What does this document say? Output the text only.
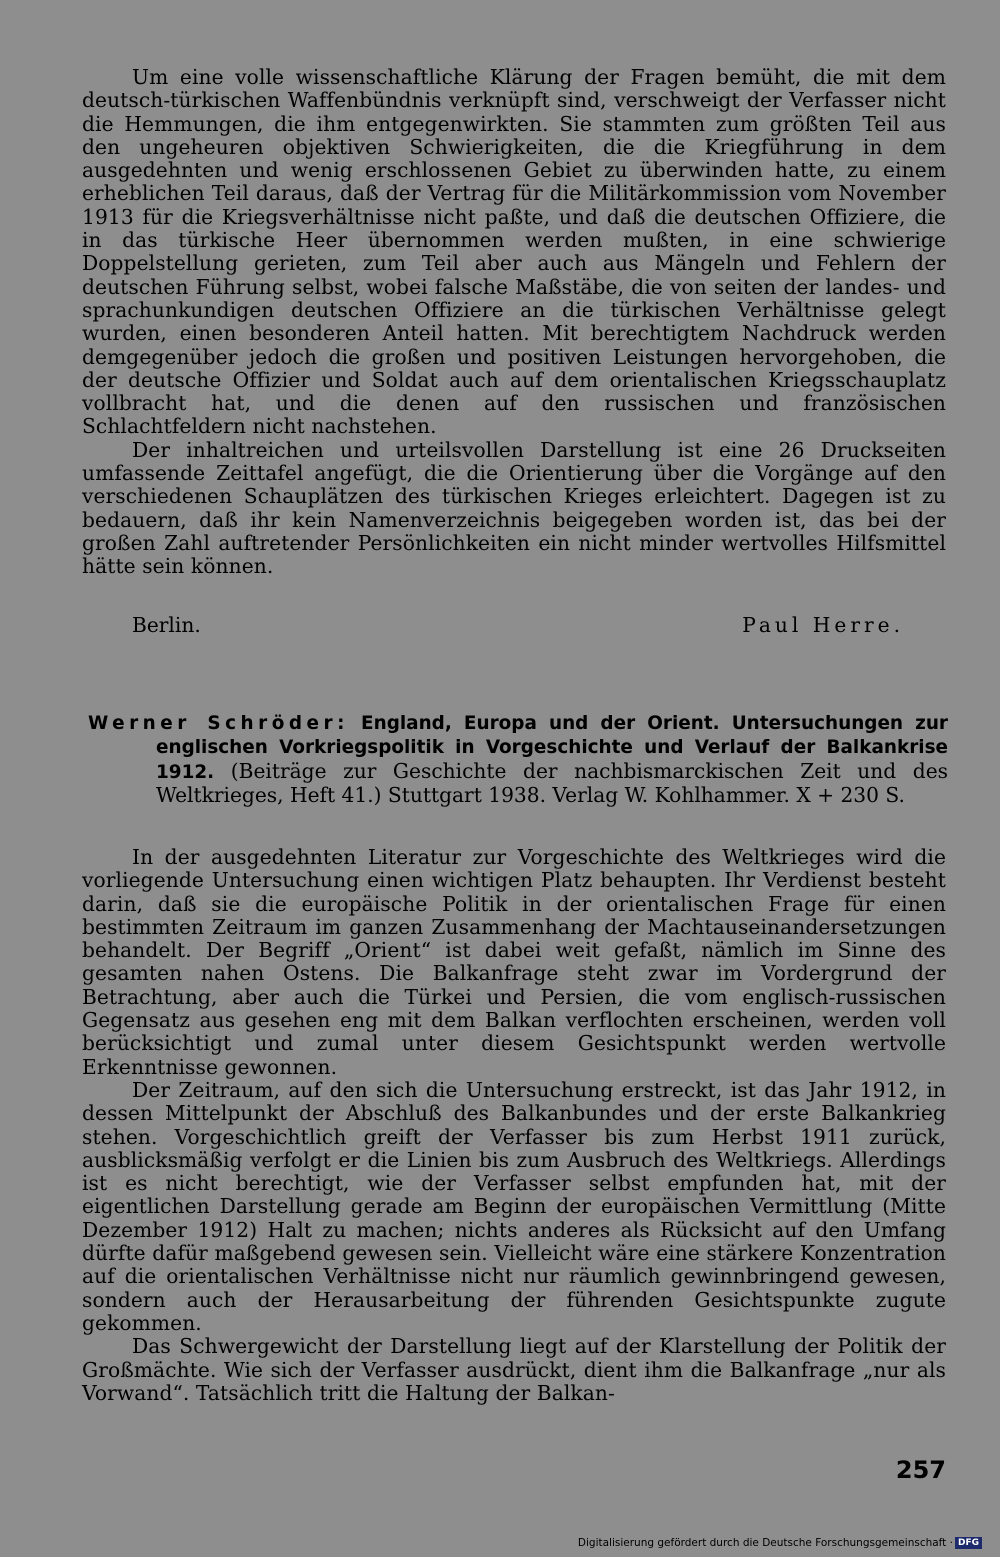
Um eine volle wissenschaftliche Klärung der Fragen bemüht, die mit dem deutsch-türkischen Waffenbündnis verknüpft sind, verschweigt der Verfasser nicht die Hemmungen, die ihm entgegenwirkten. Sie stammten zum größten Teil aus den ungeheuren objektiven Schwierigkeiten, die die Kriegführung in dem ausgedehnten und wenig erschlossenen Gebiet zu überwinden hatte, zu einem erheblichen Teil daraus, daß der Vertrag für die Militärkommission vom November 1913 für die Kriegsverhältnisse nicht paßte, und daß die deutschen Offiziere, die in das türkische Heer übernommen werden mußten, in eine schwierige Doppelstellung gerieten, zum Teil aber auch aus Mängeln und Fehlern der deutschen Führung selbst, wobei falsche Maßstäbe, die von seiten der landes- und sprachunkundigen deutschen Offiziere an die türkischen Verhältnisse gelegt wurden, einen besonderen Anteil hatten. Mit berechtigtem Nachdruck werden demgegenüber jedoch die großen und positiven Leistungen hervorgehoben, die der deutsche Offizier und Soldat auch auf dem orientalischen Kriegsschauplatz vollbracht hat, und die denen auf den russischen und französischen Schlachtfeldern nicht nachstehen.

Der inhaltreichen und urteilsvollen Darstellung ist eine 26 Druckseiten umfassende Zeittafel angefügt, die die Orientierung über die Vorgänge auf den verschiedenen Schauplätzen des türkischen Krieges erleichtert. Dagegen ist zu bedauern, daß ihr kein Namenverzeichnis beigegeben worden ist, das bei der großen Zahl auftretender Persönlichkeiten ein nicht minder wertvolles Hilfsmittel hätte sein können.

Berlin.	Paul Herre.

Werner Schröder: England, Europa und der Orient. Untersuchungen zur englischen Vorkriegspolitik in Vorgeschichte und Verlauf der Balkankrise 1912. (Beiträge zur Geschichte der nachbismarckischen Zeit und des Weltkrieges, Heft 41.) Stuttgart 1938. Verlag W. Kohlhammer. X + 230 S.

In der ausgedehnten Literatur zur Vorgeschichte des Weltkrieges wird die vorliegende Untersuchung einen wichtigen Platz behaupten. Ihr Verdienst besteht darin, daß sie die europäische Politik in der orientalischen Frage für einen bestimmten Zeitraum im ganzen Zusammenhang der Machtauseinandersetzungen behandelt. Der Begriff „Orient“ ist dabei weit gefaßt, nämlich im Sinne des gesamten nahen Ostens. Die Balkanfrage steht zwar im Vordergrund der Betrachtung, aber auch die Türkei und Persien, die vom englisch-russischen Gegensatz aus gesehen eng mit dem Balkan verflochten erscheinen, werden voll berücksichtigt und zumal unter diesem Gesichtspunkt werden wertvolle Erkenntnisse gewonnen.

Der Zeitraum, auf den sich die Untersuchung erstreckt, ist das Jahr 1912, in dessen Mittelpunkt der Abschluß des Balkanbundes und der erste Balkankrieg stehen. Vorgeschichtlich greift der Verfasser bis zum Herbst 1911 zurück, ausblicksmäßig verfolgt er die Linien bis zum Ausbruch des Weltkriegs. Allerdings ist es nicht berechtigt, wie der Verfasser selbst empfunden hat, mit der eigentlichen Darstellung gerade am Beginn der europäischen Vermittlung (Mitte Dezember 1912) Halt zu machen; nichts anderes als Rücksicht auf den Umfang dürfte dafür maßgebend gewesen sein. Vielleicht wäre eine stärkere Konzentration auf die orientalischen Verhältnisse nicht nur räumlich gewinnbringend gewesen, sondern auch der Herausarbeitung der führenden Gesichtspunkte zugute gekommen.

Das Schwergewicht der Darstellung liegt auf der Klarstellung der Politik der Großmächte. Wie sich der Verfasser ausdrückt, dient ihm die Balkanfrage „nur als Vorwand“. Tatsächlich tritt die Haltung der Balkan-

257
Digitalisierung gefördert durch die Deutsche Forschungsgemeinschaft · DFG
